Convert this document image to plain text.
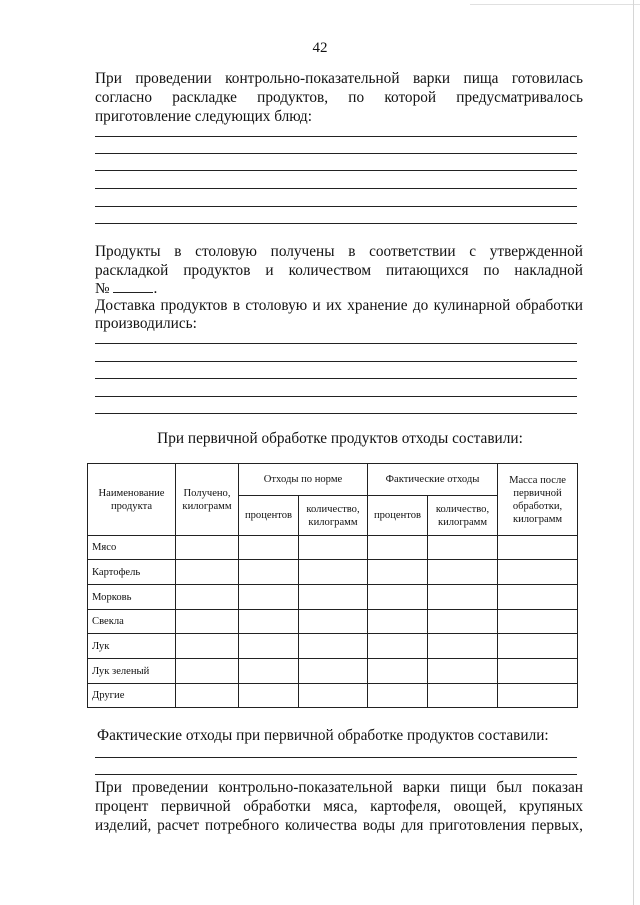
42

При проведении контрольно-показательной варки пища готовилась

согласно раскладке продуктов, по которой предусматривалось

приготовление следующих блюд:

Продукты в столовую получены в соответствии с утвержденной

раскладкой продуктов и количеством питающихся по накладной

№	.

Доставка продуктов в столовую и их хранение до кулинарной обработки

производились:

При первичной обработке продуктов отходы составили:
Наименование продукта	Получено, килограмм	Отходы по норме		Фактические отходы		Масса после первичной обработки, килограмм
		процентов	количество, килограмм	процентов	количество, килограмм	
Мясо						
Картофель						
Морковь						
Свекла						
Лук						
Лук зеленый						
Другие						

Фактические отходы при первичной обработке продуктов составили:

При проведении контрольно-показательной варки пищи был показан

процент первичной обработки мяса, картофеля, овощей, крупяных

изделий, расчет потребного количества воды для приготовления первых,
